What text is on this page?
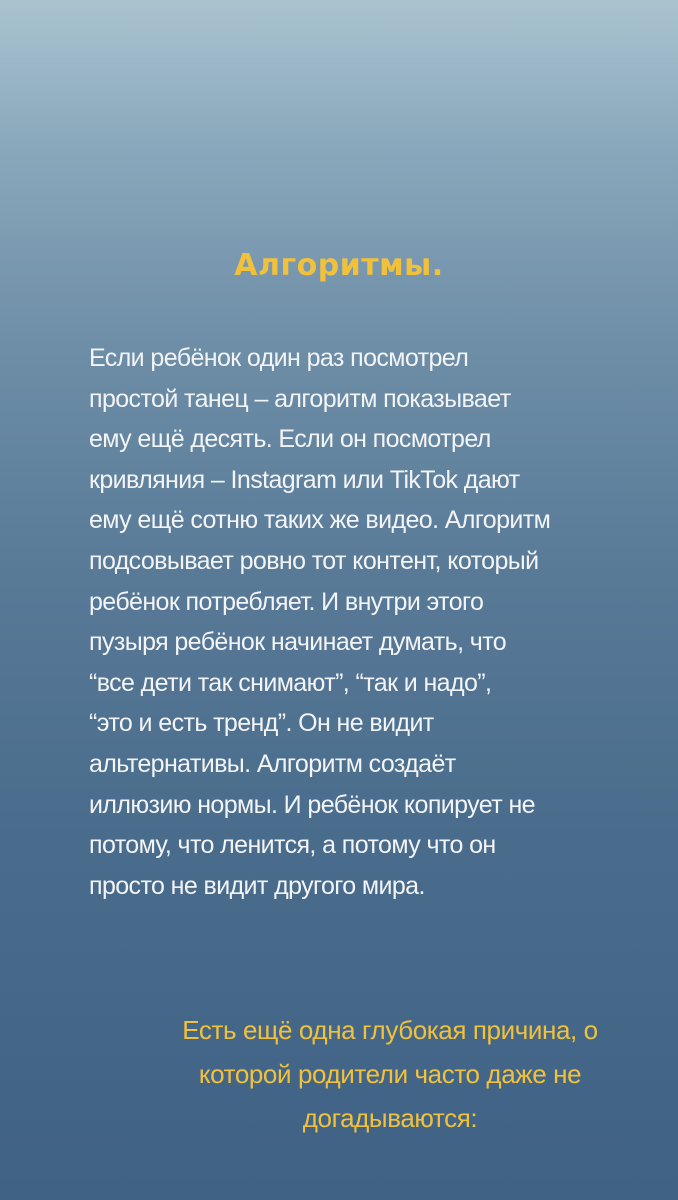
Алгоритмы.
Если ребёнок один раз посмотрел
простой танец – алгоритм показывает
ему ещё десять. Если он посмотрел
кривляния – Instagram или TikTok дают
ему ещё сотню таких же видео. Алгоритм
подсовывает ровно тот контент, который
ребёнок потребляет. И внутри этого
пузыря ребёнок начинает думать, что
“все дети так снимают”, “так и надо”,
“это и есть тренд”. Он не видит
альтернативы. Алгоритм создаёт
иллюзию нормы. И ребёнок копирует не
потому, что ленится, а потому что он
просто не видит другого мира.
Есть ещё одна глубокая причина, о
которой родители часто даже не
догадываются:
